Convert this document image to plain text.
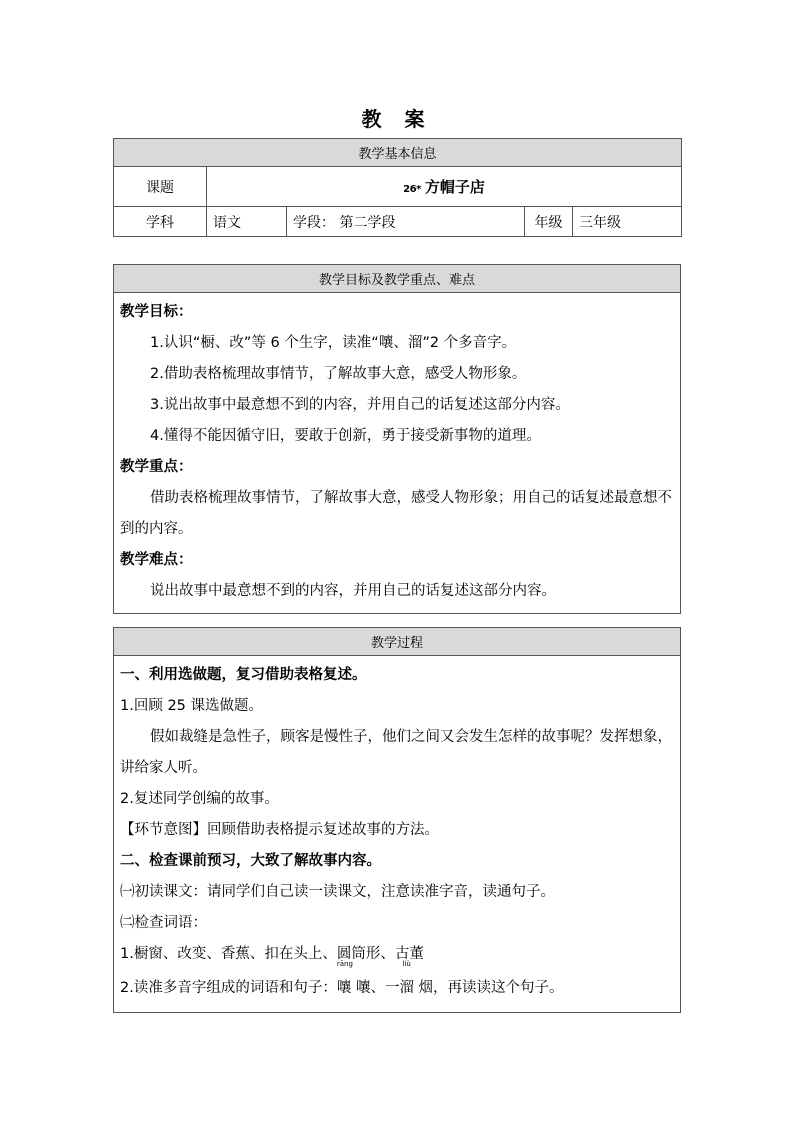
教 案
教学基本信息				
课题	26* 方帽子店			
学科	语文	学段： 第二学段	年级	三年级
教学目标及教学重点、难点

教学目标：

1.认识“橱、改”等 6 个生字，读准“嚷、溜”2 个多音字。

2.借助表格梳理故事情节，了解故事大意，感受人物形象。

3.说出故事中最意想不到的内容，并用自己的话复述这部分内容。

4.懂得不能因循守旧，要敢于创新，勇于接受新事物的道理。

教学重点：

借助表格梳理故事情节，了解故事大意，感受人物形象；用自己的话复述最意想不到的内容。

教学难点：

说出故事中最意想不到的内容，并用自己的话复述这部分内容。

教学过程

一、利用选做题，复习借助表格复述。

1.回顾 25 课选做题。

假如裁缝是急性子，顾客是慢性子，他们之间又会发生怎样的故事呢？发挥想象，讲给家人听。

2.复述同学创编的故事。

【环节意图】回顾借助表格提示复述故事的方法。

二、检查课前预习，大致了解故事内容。

㈠初读课文：请同学们自己读一读课文，注意读准字音，读通句子。

㈡检查词语：

1.橱窗、改变、香蕉、扣在头上、圆筒形、古董

2.读准多音字组成的词语和句子：
rāng
嚷 嚷、一
liù
溜 烟，再读读这个句子。
